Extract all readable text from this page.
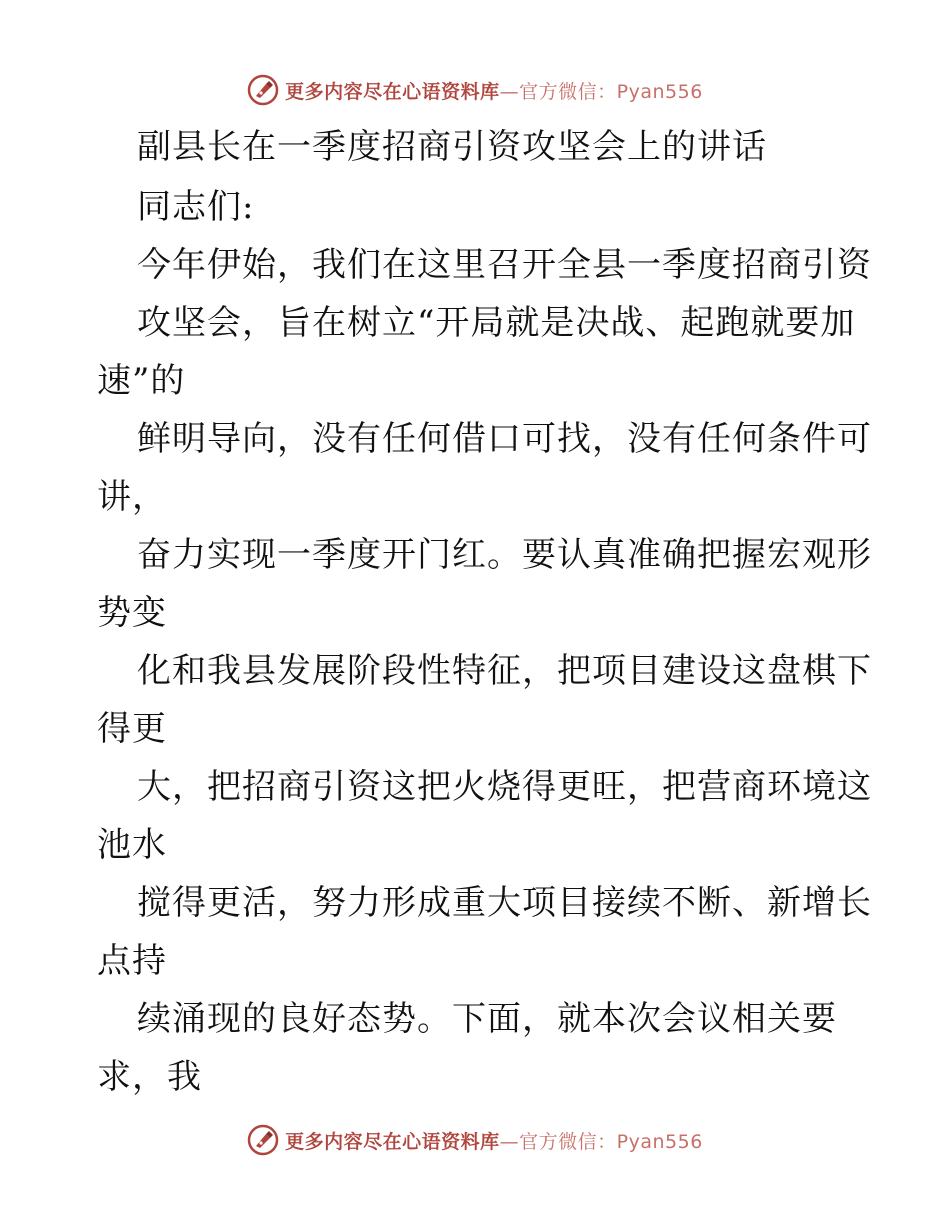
更多内容尽在心语资料库—官方微信：Pyan556
副县长在一季度招商引资攻坚会上的讲话
同志们:
今年伊始，我们在这里召开全县一季度招商引资
攻坚会，旨在树立“开局就是决战、起跑就要加
速”的
鲜明导向，没有任何借口可找，没有任何条件可
讲，
奋力实现一季度开门红。要认真准确把握宏观形
势变
化和我县发展阶段性特征，把项目建设这盘棋下
得更
大，把招商引资这把火烧得更旺，把营商环境这
池水
搅得更活，努力形成重大项目接续不断、新增长
点持
续涌现的良好态势。下面，就本次会议相关要
求，我
更多内容尽在心语资料库—官方微信：Pyan556
